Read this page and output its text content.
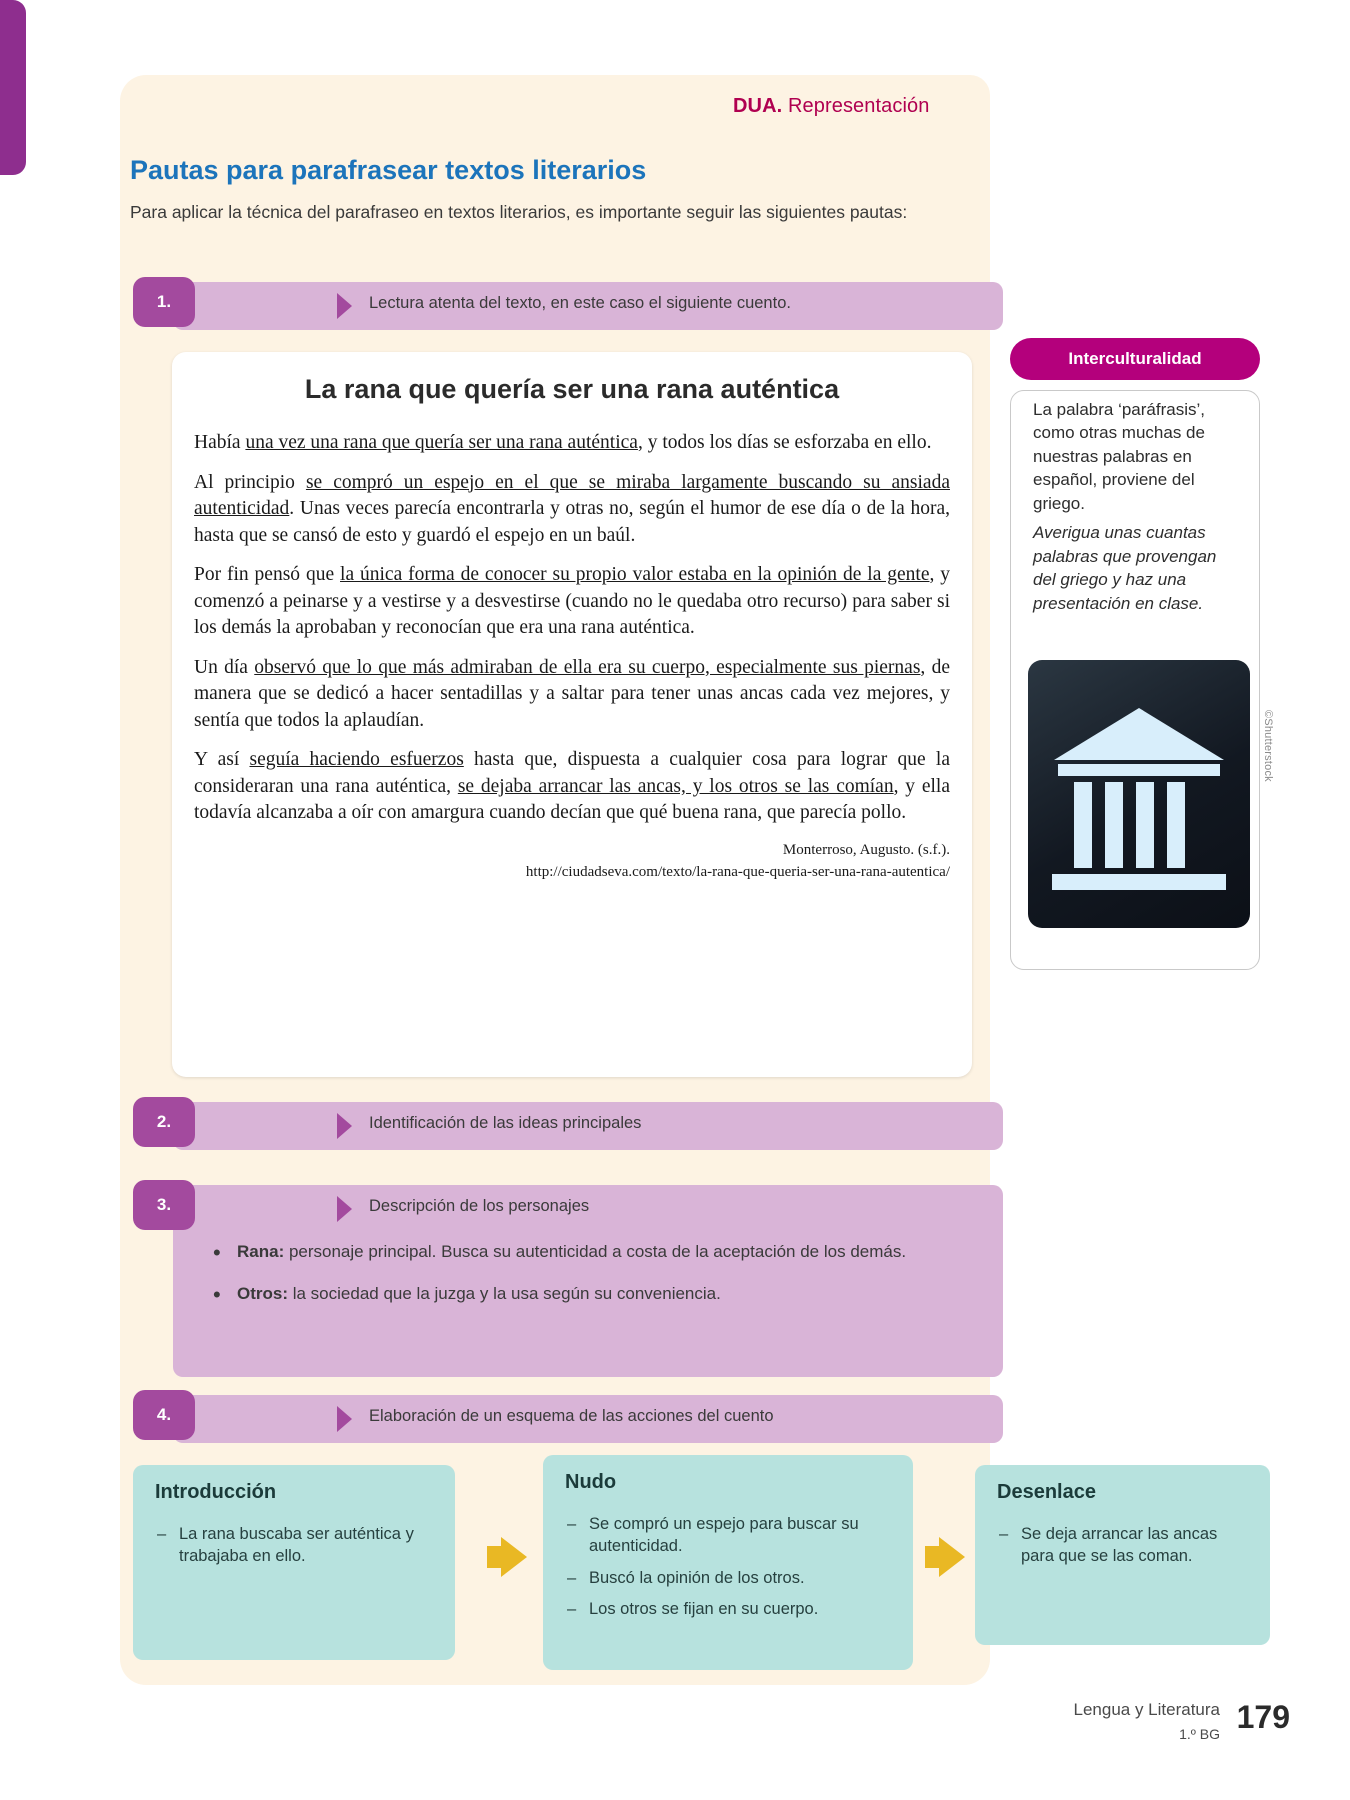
DUA. Representación
Pautas para parafrasear textos literarios
Para aplicar la técnica del parafraseo en textos literarios, es importante seguir las siguientes pautas:
1.	Lectura atenta del texto, en este caso el siguiente cuento.
La rana que quería ser una rana auténtica

Había una vez una rana que quería ser una rana auténtica, y todos los días se esforzaba en ello.

Al principio se compró un espejo en el que se miraba largamente buscando su ansiada autenticidad. Unas veces parecía encontrarla y otras no, según el humor de ese día o de la hora, hasta que se cansó de esto y guardó el espejo en un baúl.

Por fin pensó que la única forma de conocer su propio valor estaba en la opinión de la gente, y comenzó a peinarse y a vestirse y a desvestirse (cuando no le quedaba otro recurso) para saber si los demás la aprobaban y reconocían que era una rana auténtica.

Un día observó que lo que más admiraban de ella era su cuerpo, especialmente sus piernas, de manera que se dedicó a hacer sentadillas y a saltar para tener unas ancas cada vez mejores, y sentía que todos la aplaudían.

Y así seguía haciendo esfuerzos hasta que, dispuesta a cualquier cosa para lograr que la consideraran una rana auténtica, se dejaba arrancar las ancas, y los otros se las comían, y ella todavía alcanzaba a oír con amargura cuando decían que qué buena rana, que parecía pollo.

Monterroso, Augusto. (s.f.).
http://ciudadseva.com/texto/la-rana-que-queria-ser-una-rana-autentica/
2.	Identificación de las ideas principales
3.	Descripción de los personajes
• Rana: personaje principal. Busca su autenticidad a costa de la aceptación de los demás.
• Otros: la sociedad que la juzga y la usa según su conveniencia.
4.	Elaboración de un esquema de las acciones del cuento
Introducción
– La rana buscaba ser auténtica y trabajaba en ello.
Nudo
– Se compró un espejo para buscar su autenticidad.
– Buscó la opinión de los otros.
– Los otros se fijan en su cuerpo.
Desenlace
– Se deja arrancar las ancas para que se las coman.
Interculturalidad
La palabra ‘paráfrasis’, como otras muchas de nuestras palabras en español, proviene del griego.
Averigua unas cuantas palabras que provengan del griego y haz una presentación en clase.
©Shutterstock
Lengua y Literatura
1.º BG 179
